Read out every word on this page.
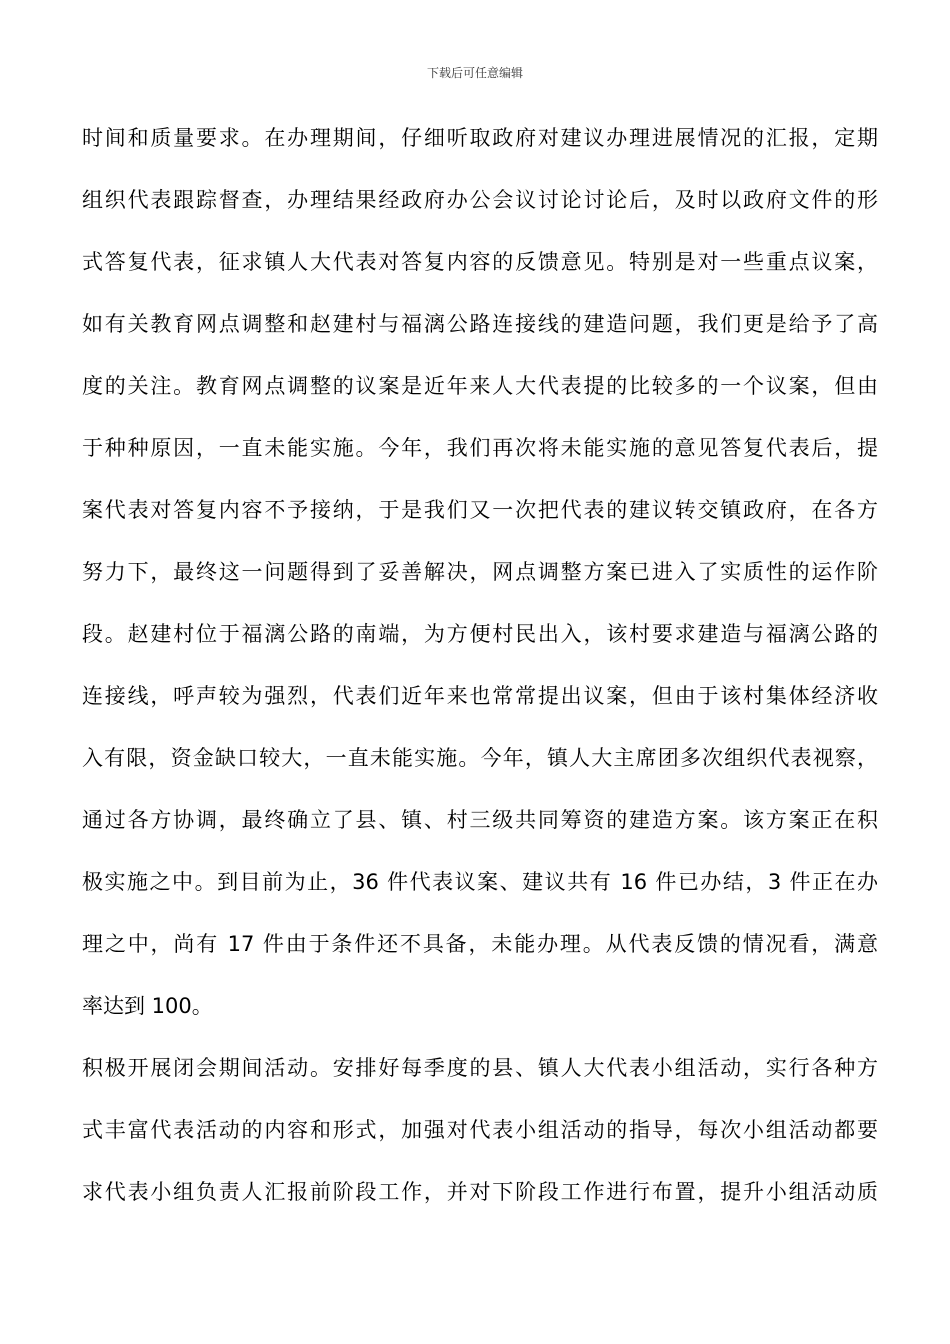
下载后可任意编辑
时间和质量要求。在办理期间，仔细听取政府对建议办理进展情况的汇报，定期
组织代表跟踪督查，办理结果经政府办公会议讨论讨论后，及时以政府文件的形
式答复代表，征求镇人大代表对答复内容的反馈意见。特别是对一些重点议案，
如有关教育网点调整和赵建村与福漓公路连接线的建造问题，我们更是给予了高
度的关注。教育网点调整的议案是近年来人大代表提的比较多的一个议案，但由
于种种原因，一直未能实施。今年，我们再次将未能实施的意见答复代表后，提
案代表对答复内容不予接纳，于是我们又一次把代表的建议转交镇政府，在各方
努力下，最终这一问题得到了妥善解决，网点调整方案已进入了实质性的运作阶
段。赵建村位于福漓公路的南端，为方便村民出入，该村要求建造与福漓公路的
连接线，呼声较为强烈，代表们近年来也常常提出议案，但由于该村集体经济收
入有限，资金缺口较大，一直未能实施。今年，镇人大主席团多次组织代表视察，
通过各方协调，最终确立了县、镇、村三级共同筹资的建造方案。该方案正在积
极实施之中。到目前为止，36 件代表议案、建议共有 16 件已办结，3 件正在办
理之中，尚有 17 件由于条件还不具备，未能办理。从代表反馈的情况看，满意
率达到 100。
积极开展闭会期间活动。安排好每季度的县、镇人大代表小组活动，实行各种方
式丰富代表活动的内容和形式，加强对代表小组活动的指导，每次小组活动都要
求代表小组负责人汇报前阶段工作，并对下阶段工作进行布置，提升小组活动质
